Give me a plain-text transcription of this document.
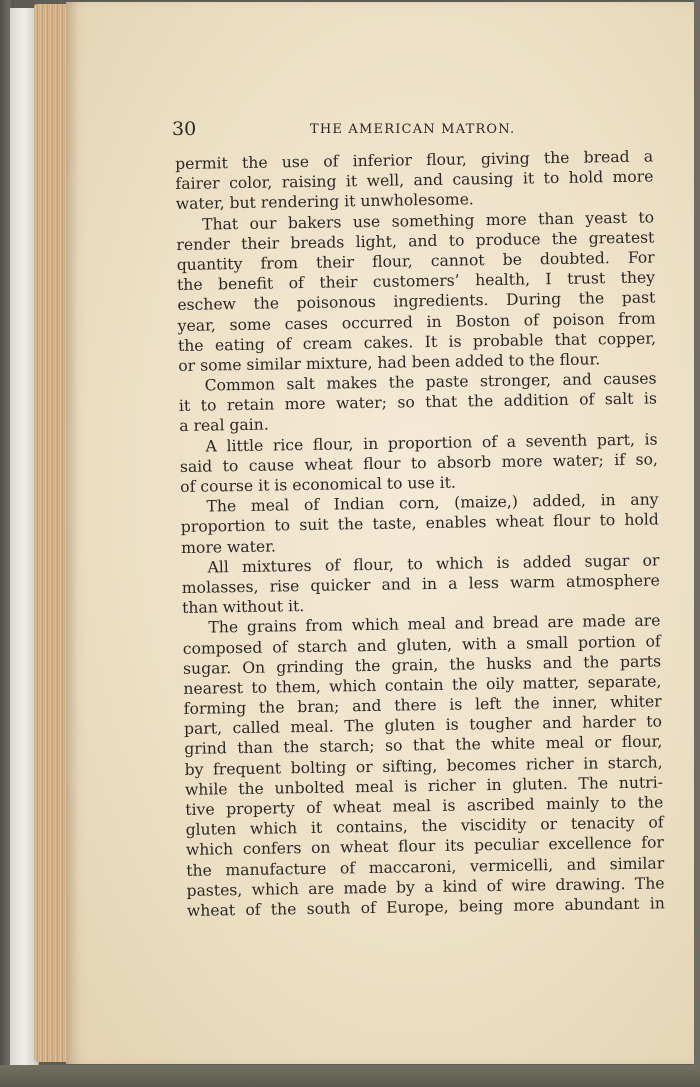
30	THE AMERICAN MATRON.
permit the use of inferior flour, giving the bread a
fairer color, raising it well, and causing it to hold more
water, but rendering it unwholesome.
That our bakers use something more than yeast to
render their breads light, and to produce the greatest
quantity from their flour, cannot be doubted. For
the benefit of their customers’ health, I trust they
eschew the poisonous ingredients. During the past
year, some cases occurred in Boston of poison from
the eating of cream cakes. It is probable that copper,
or some similar mixture, had been added to the flour.
Common salt makes the paste stronger, and causes
it to retain more water; so that the addition of salt is
a real gain.
A little rice flour, in proportion of a seventh part, is
said to cause wheat flour to absorb more water; if so,
of course it is economical to use it.
The meal of Indian corn, (maize,) added, in any
proportion to suit the taste, enables wheat flour to hold
more water.
All mixtures of flour, to which is added sugar or
molasses, rise quicker and in a less warm atmosphere
than without it.
The grains from which meal and bread are made are
composed of starch and gluten, with a small portion of
sugar. On grinding the grain, the husks and the parts
nearest to them, which contain the oily matter, separate,
forming the bran; and there is left the inner, whiter
part, called meal. The gluten is tougher and harder to
grind than the starch; so that the white meal or flour,
by frequent bolting or sifting, becomes richer in starch,
while the unbolted meal is richer in gluten. The nutri-
tive property of wheat meal is ascribed mainly to the
gluten which it contains, the viscidity or tenacity of
which confers on wheat flour its peculiar excellence for
the manufacture of maccaroni, vermicelli, and similar
pastes, which are made by a kind of wire drawing. The
wheat of the south of Europe, being more abundant in
